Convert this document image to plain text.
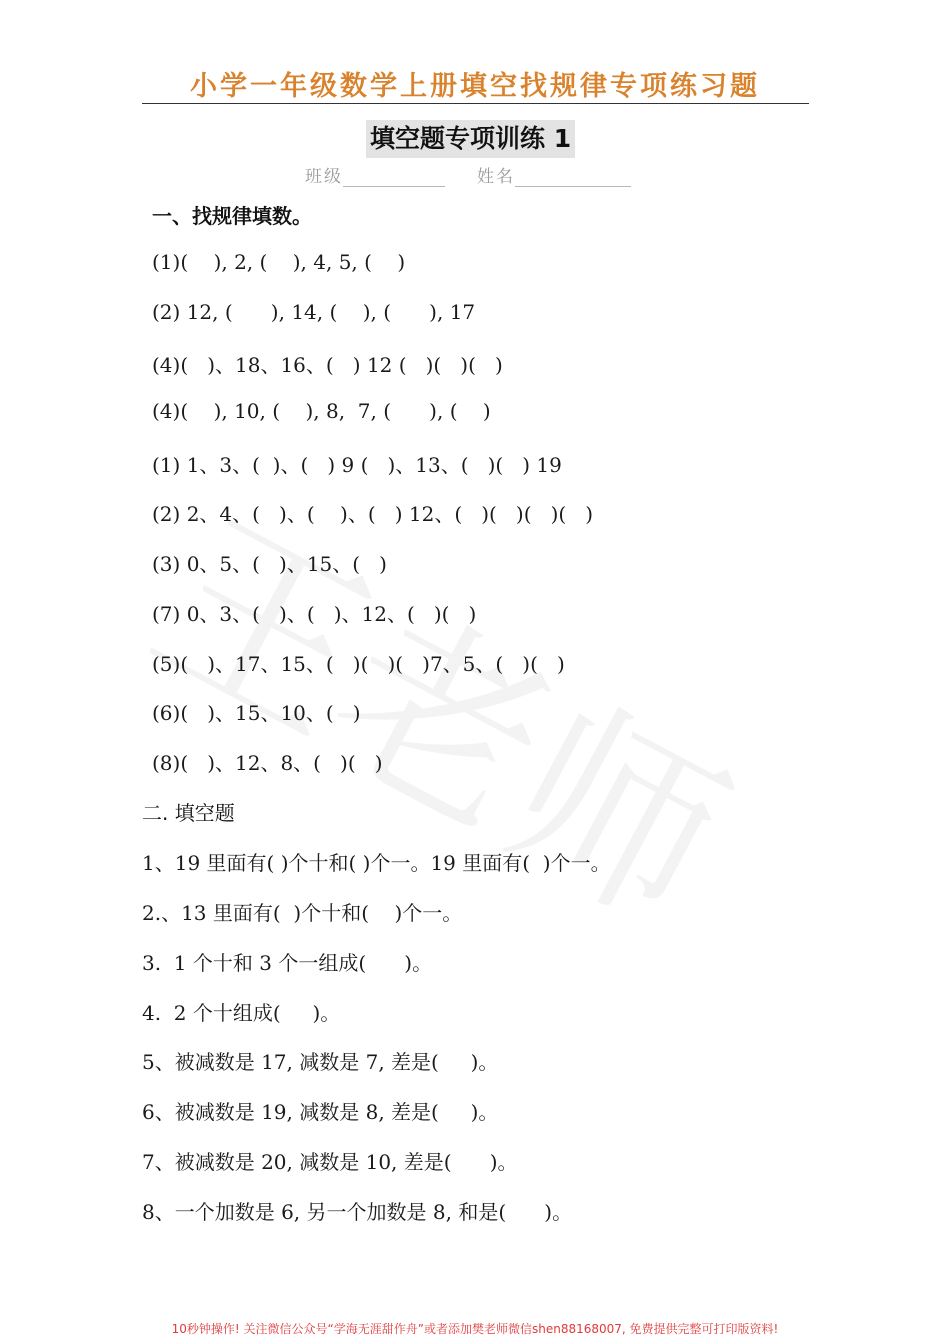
小学一年级数学上册填空找规律专项练习题
填空题专项训练 1
班级	姓名
一、找规律填数。
(1)(    ), 2, (    ), 4, 5, (    )
(2) 12, (      ), 14, (    ), (      ), 17
(4)(   )、18、16、(   ) 12 (   )(   )(   )
(4)(    ), 10, (    ), 8,  7, (      ), (    )
(1) 1、3、(  )、(   ) 9 (   )、13、(   )(   ) 19
(2) 2、4、(   )、(    )、(   ) 12、(   )(   )(   )(   )
(3) 0、5、(   )、15、(   )
(7) 0、3、(   )、(   )、12、(   )(   )
(5)(   )、17、15、(   )(   )(   )7、5、(   )(   )
(6)(   )、15、10、(   )
(8)(   )、12、8、(   )(   )
二. 填空题
1、19 里面有( )个十和( )个一。19 里面有(  )个一。
2.、13 里面有(  )个十和(    )个一。
3.  1 个十和 3 个一组成(      )。
4.  2 个十组成(     )。
5、被减数是 17, 减数是 7, 差是(     )。
6、被减数是 19, 减数是 8, 差是(     )。
7、被减数是 20, 减数是 10, 差是(      )。
8、一个加数是 6, 另一个加数是 8, 和是(      )。
10秒钟操作! 关注微信公众号“学海无涯甜作舟”或者添加樊老师微信shen88168007, 免费提供完整可打印版资料!
